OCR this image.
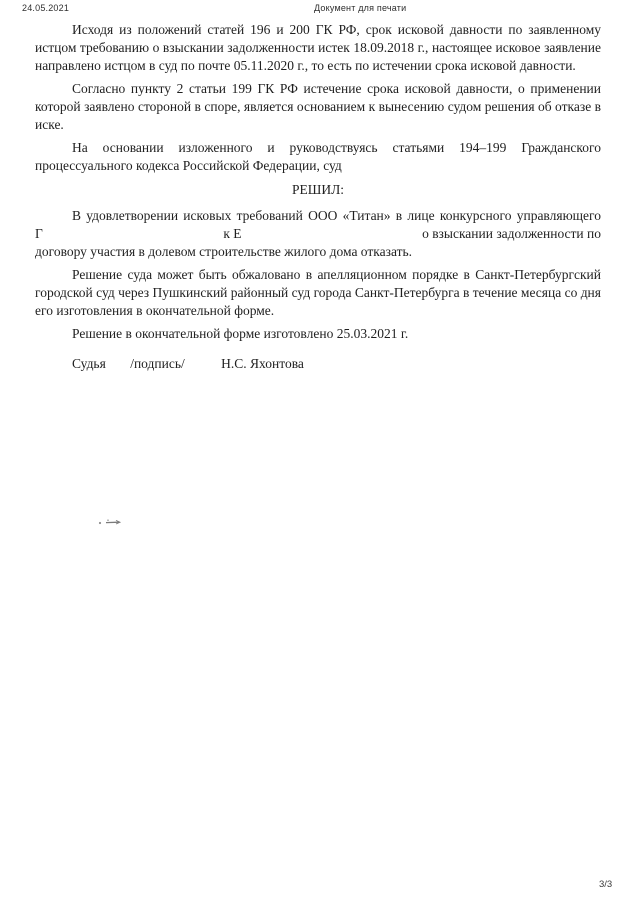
24.05.2021	Документ для печати

Исходя из положений статей 196 и 200 ГК РФ, срок исковой давности по заявленному истцом требованию о взыскании задолженности истек 18.09.2018 г., настоящее исковое заявление направлено истцом в суд по почте 05.11.2020 г., то есть по истечении срока исковой давности.

Согласно пункту 2 статьи 199 ГК РФ истечение срока исковой давности, о применении которой заявлено стороной в споре, является основанием к вынесению судом решения об отказе в иске.

На основании изложенного и руководствуясь статьями 194–199 Гражданского процессуального кодекса Российской Федерации, суд

РЕШИЛ:
В удовлетворении исковых требований ООО «Титан» в лице конкурсного управляющего
Г	к Е	о взыскании задолженности по
договору участия в долевом строительстве жилого дома отказать.

Решение суда может быть обжаловано в апелляционном порядке в Санкт-Петербургский городской суд через Пушкинский районный суд города Санкт-Петербурга в течение месяца со дня его изготовления в окончательной форме.

Решение в окончательной форме изготовлено 25.03.2021 г.

Судья /подпись/	Н.С. Яхонтова
3/3
